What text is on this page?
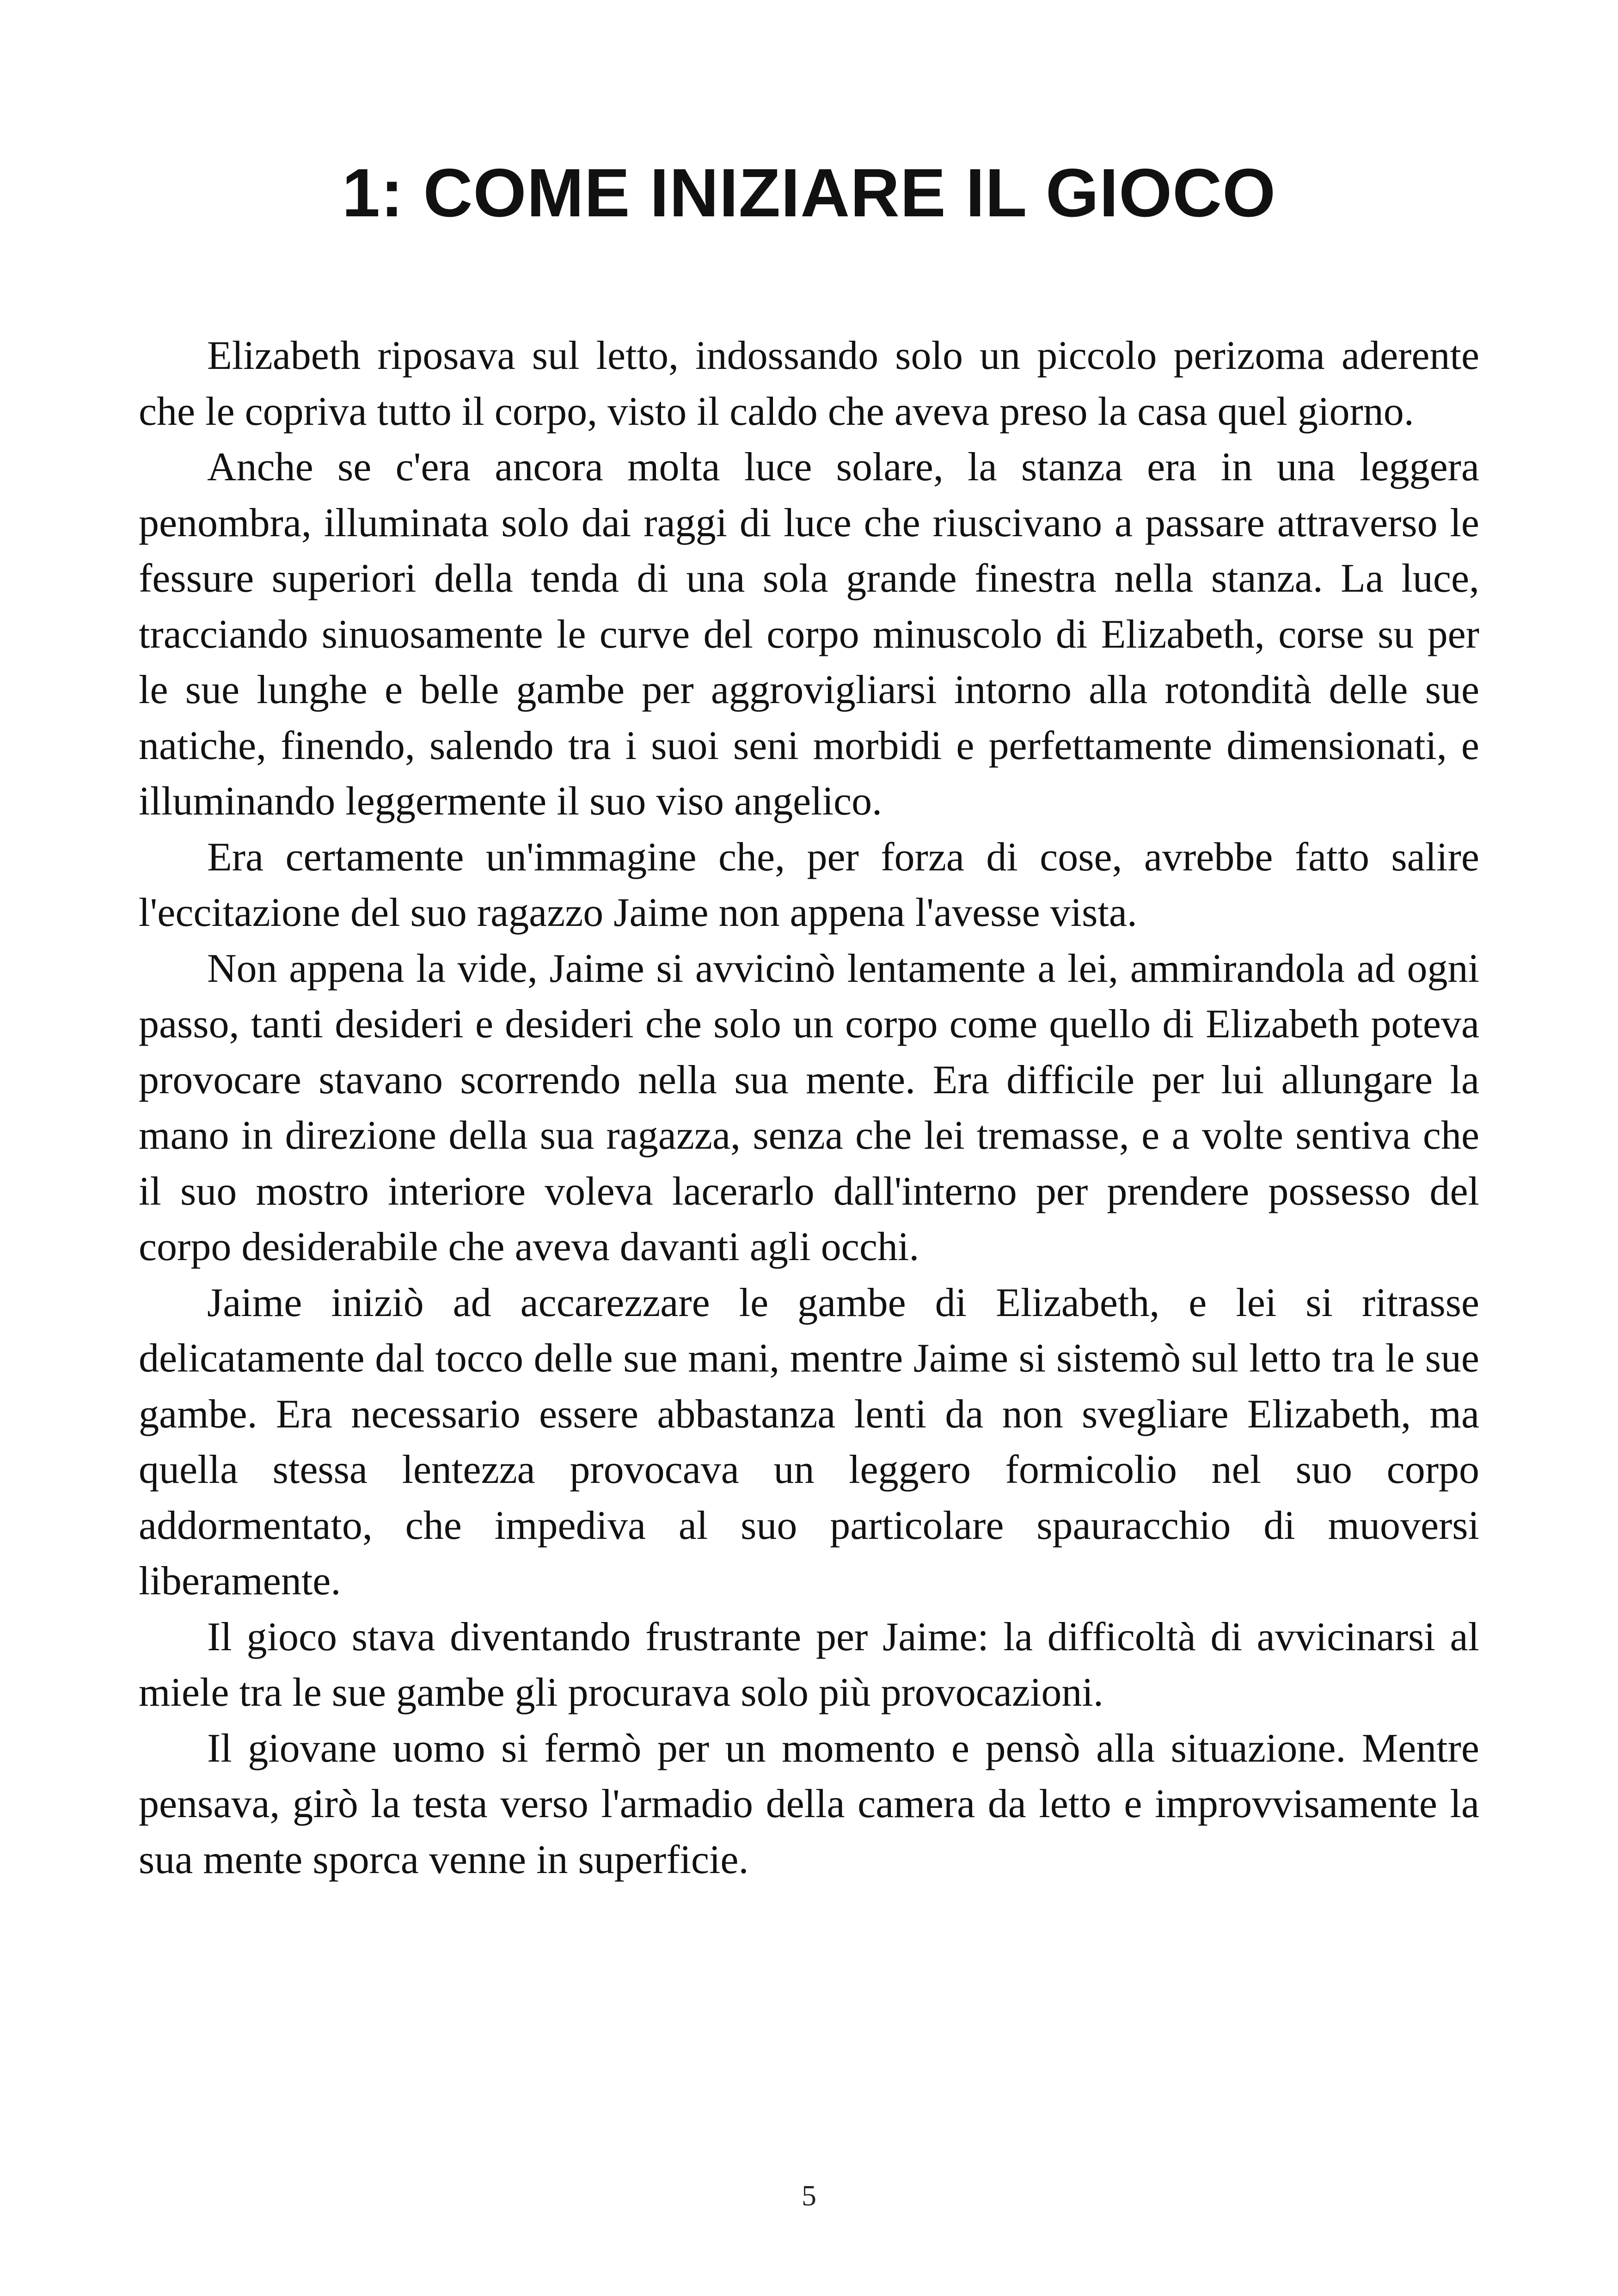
1: COME INIZIARE IL GIOCO

Elizabeth riposava sul letto, indossando solo un piccolo perizoma aderente che le copriva tutto il corpo, visto il caldo che aveva preso la casa quel giorno.

Anche se c'era ancora molta luce solare, la stanza era in una leggera penombra, illuminata solo dai raggi di luce che riuscivano a passare attraverso le fessure superiori della tenda di una sola grande finestra nella stanza. La luce, tracciando sinuosamente le curve del corpo minuscolo di Elizabeth, corse su per le sue lunghe e belle gambe per aggrovigliarsi intorno alla rotondità delle sue natiche, finendo, salendo tra i suoi seni morbidi e perfettamente dimensionati, e illuminando leggermente il suo viso angelico.

Era certamente un'immagine che, per forza di cose, avrebbe fatto salire l'eccitazione del suo ragazzo Jaime non appena l'avesse vista.

Non appena la vide, Jaime si avvicinò lentamente a lei, ammirandola ad ogni passo, tanti desideri e desideri che solo un corpo come quello di Elizabeth poteva provocare stavano scorrendo nella sua mente. Era difficile per lui allungare la mano in direzione della sua ragazza, senza che lei tremasse, e a volte sentiva che il suo mostro interiore voleva lacerarlo dall'interno per prendere possesso del corpo desiderabile che aveva davanti agli occhi.

Jaime iniziò ad accarezzare le gambe di Elizabeth, e lei si ritrasse delicatamente dal tocco delle sue mani, mentre Jaime si sistemò sul letto tra le sue gambe. Era necessario essere abbastanza lenti da non svegliare Elizabeth, ma quella stessa lentezza provocava un leggero formicolio nel suo corpo addormentato, che impediva al suo particolare spauracchio di muoversi liberamente.

Il gioco stava diventando frustrante per Jaime: la difficoltà di avvicinarsi al miele tra le sue gambe gli procurava solo più provocazioni.

Il giovane uomo si fermò per un momento e pensò alla situazione. Mentre pensava, girò la testa verso l'armadio della camera da letto e improvvisamente la sua mente sporca venne in superficie.

5
